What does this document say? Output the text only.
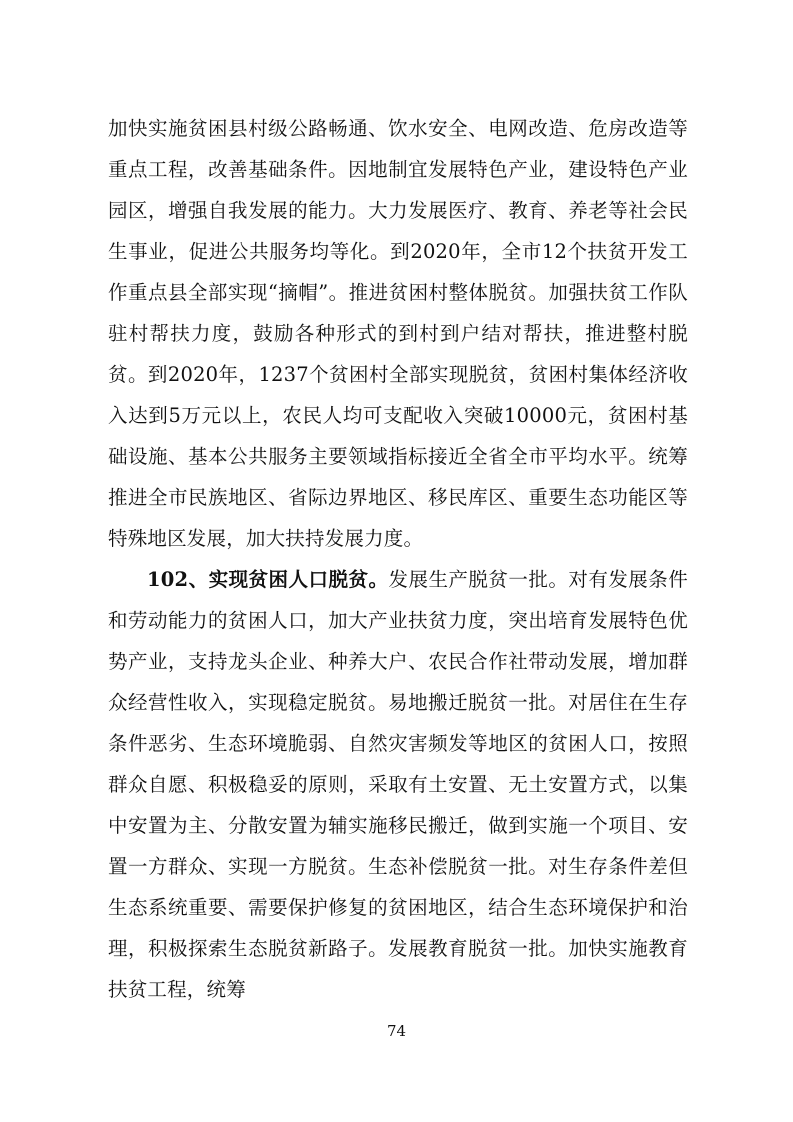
加快实施贫困县村级公路畅通、饮水安全、电网改造、危房改造等重点工程，改善基础条件。因地制宜发展特色产业，建设特色产业园区，增强自我发展的能力。大力发展医疗、教育、养老等社会民生事业，促进公共服务均等化。到2020年，全市12个扶贫开发工作重点县全部实现“摘帽”。推进贫困村整体脱贫。加强扶贫工作队驻村帮扶力度，鼓励各种形式的到村到户结对帮扶，推进整村脱贫。到2020年，1237个贫困村全部实现脱贫，贫困村集体经济收入达到5万元以上，农民人均可支配收入突破10000元，贫困村基础设施、基本公共服务主要领域指标接近全省全市平均水平。统筹推进全市民族地区、省际边界地区、移民库区、重要生态功能区等特殊地区发展，加大扶持发展力度。

102、实现贫困人口脱贫。发展生产脱贫一批。对有发展条件和劳动能力的贫困人口，加大产业扶贫力度，突出培育发展特色优势产业，支持龙头企业、种养大户、农民合作社带动发展，增加群众经营性收入，实现稳定脱贫。易地搬迁脱贫一批。对居住在生存条件恶劣、生态环境脆弱、自然灾害频发等地区的贫困人口，按照群众自愿、积极稳妥的原则，采取有土安置、无土安置方式，以集中安置为主、分散安置为辅实施移民搬迁，做到实施一个项目、安置一方群众、实现一方脱贫。生态补偿脱贫一批。对生存条件差但生态系统重要、需要保护修复的贫困地区，结合生态环境保护和治理，积极探索生态脱贫新路子。发展教育脱贫一批。加快实施教育扶贫工程，统筹

74
